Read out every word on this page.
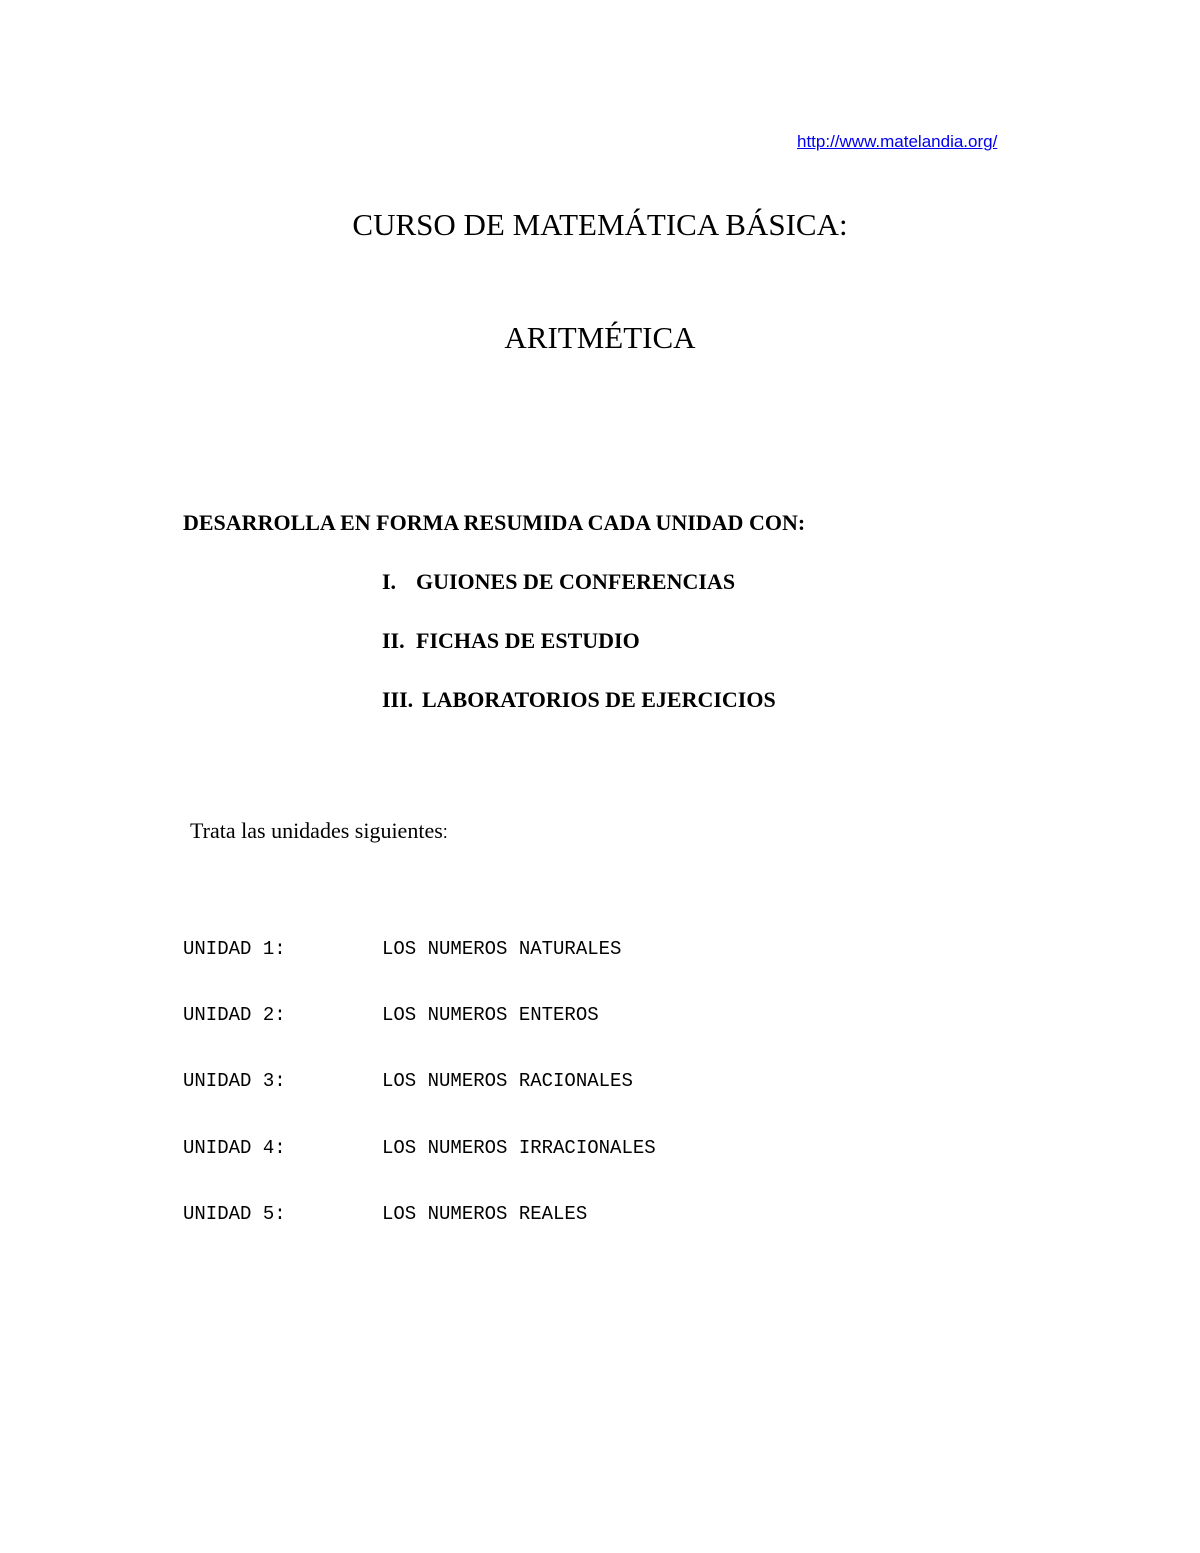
http://www.matelandia.org/
CURSO DE MATEMÁTICA BÁSICA:
ARITMÉTICA
DESARROLLA EN FORMA RESUMIDA CADA UNIDAD CON:
I. GUIONES DE CONFERENCIAS
II. FICHAS DE ESTUDIO
III. LABORATORIOS DE EJERCICIOS
Trata las unidades siguientes:
UNIDAD 1:	LOS NUMEROS NATURALES
UNIDAD 2:	LOS NUMEROS ENTEROS
UNIDAD 3:	LOS NUMEROS RACIONALES
UNIDAD 4:	LOS NUMEROS IRRACIONALES
UNIDAD 5:	LOS NUMEROS REALES
